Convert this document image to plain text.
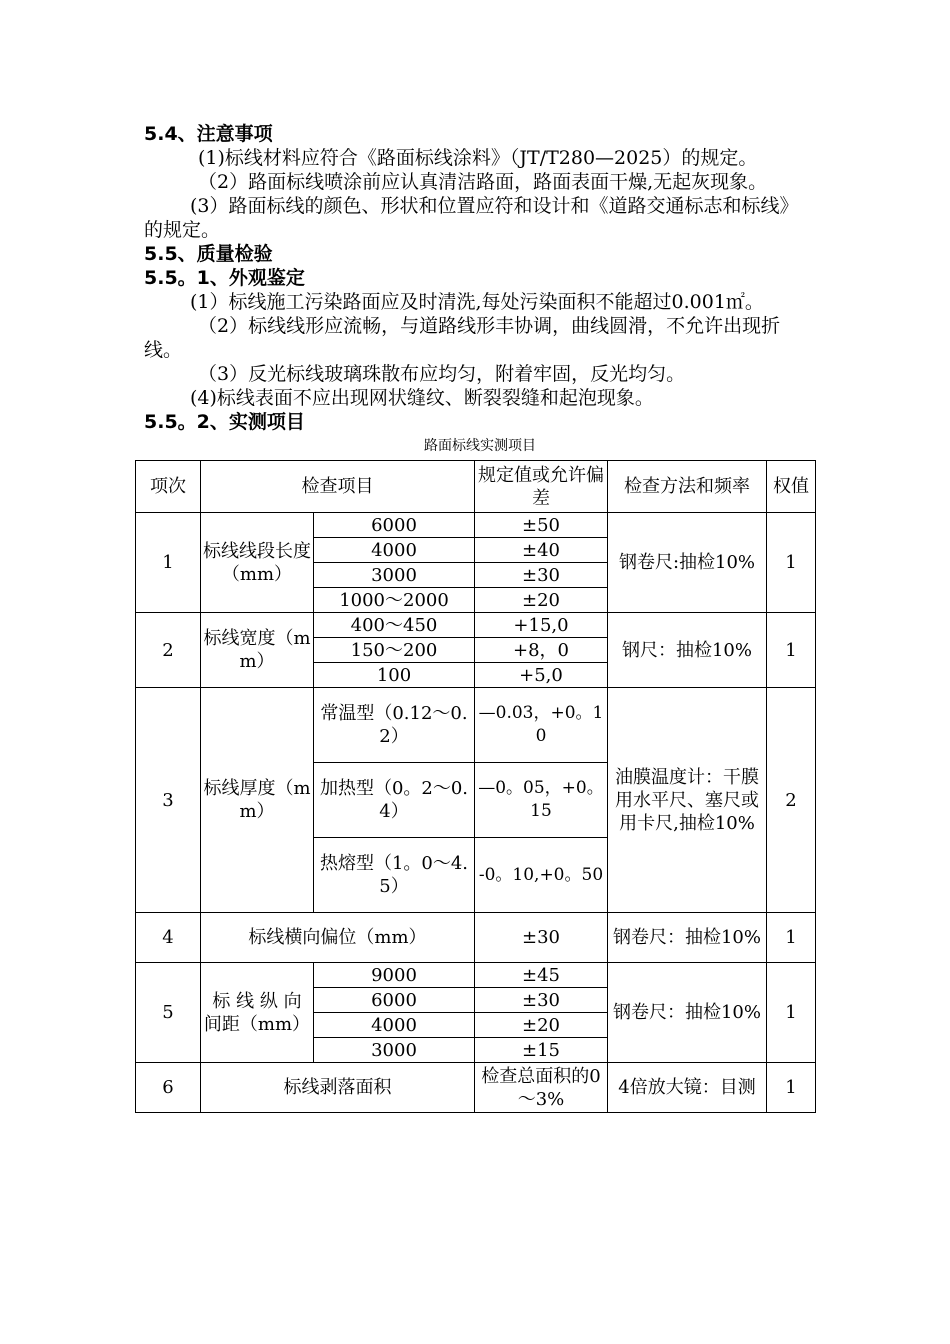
5.4、注意事项

(1)标线材料应符合《路面标线涂料》（JT/T280—2025）的规定。

（2）路面标线喷涂前应认真清洁路面，路面表面干燥,无起灰现象。

(3）路面标线的颜色、形状和位置应符和设计和《道路交通标志和标线》的规定。

5.5、质量检验

5.5。1、外观鉴定

(1）标线施工污染路面应及时清洗,每处污染面积不能超过0.001㎡。

（2）标线线形应流畅，与道路线形丰协调，曲线圆滑，不允许出现折线。

（3）反光标线玻璃珠散布应均匀，附着牢固，反光均匀。

(4)标线表面不应出现网状缝纹、断裂裂缝和起泡现象。

5.5。2、实测项目

路面标线实测项目
项次	检查项目		规定值或允许偏差	检查方法和频率	权值
1	标线线段长度（mm）	6000	±50	钢卷尺:抽检10%	1
		4000	±40		
		3000	±30		
		1000～2000	±20		
2	标线宽度（mm）	400～450	+15,0	钢尺：抽检10%	1
		150～200	+8，0		
		100	+5,0		
3	标线厚度（mm）	常温型（0.12～0.2）	—0.03，+0。10	油膜温度计：干膜用水平尺、塞尺或用卡尺,抽检10%	2
		加热型（0。2～0.4）	—0。05，+0。15		
		热熔型（1。0～4.5）	-0。10,+0。50		
4	标线横向偏位（mm）		±30	钢卷尺：抽检10%	1
5	标 线 纵 向 间距（mm）	9000	±45	钢卷尺：抽检10%	1
		6000	±30		
		4000	±20		
		3000	±15		
6	标线剥落面积		检查总面积的0～3%	4倍放大镜：目测	1
